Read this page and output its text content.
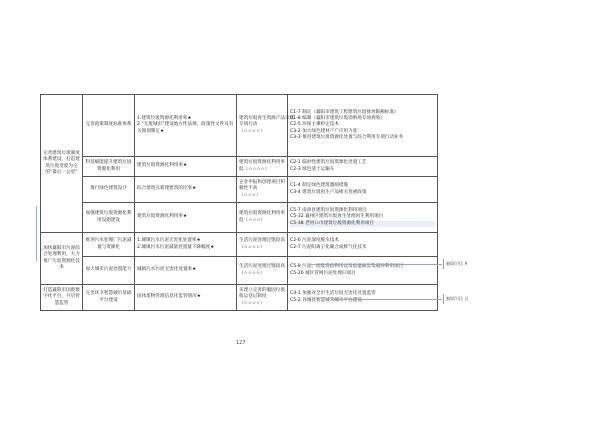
完善建筑垃圾制度体系建设，打造建筑垃圾变废为宝的“最后一公里”	完善政策制度标准体系	1.建筑垃圾资源化利用率★
2.“无废城市”建设地方性法规、政策性文件及有关规划制定★	建筑垃圾再生资源产品市场
专项行动
（☆☆☆☆）	C1-7 制定《襄阳市建筑工程建筑垃圾排放限额标准》
C1-8 编制《襄阳市建筑垃圾消纳场专项规划》
C2-5 环保主乘检定技术
C3-2 加大绿色建材产广应用力度
C3-3 推进建筑垃圾资源化处置与综合利用专项行动业务

	科技赋能提升建筑垃圾资源化利用	建筑垃圾资源化利用率★	建筑垃圾资源化利用率低（☆☆☆☆）	C2-1 临时性建筑垃圾资源化处置工艺
C2-3 绿色渣土运输车

	推行绿色建筑设计	综合建筑点新建建筑的比率★	企业申报和创建项目积极性不高
（☆☆☆）	C1-4 制定绿色建筑激励措施
C3-4 建筑垃圾再生产品相关优惠政策

	加强建筑垃圾资源化利用设施建设	建筑垃圾资源化利用率★	建筑垃圾资源化利用率低（☆☆☆）	C5-7 南漳县建筑垃圾资源化利用项目
C5-32 襄州区建筑垃圾再生处理再生利用项目
C5-38 老河口市建筑垃圾资源化利用项目

加快襄阳市污泥综合处理利用，大力推广污泥资源化技术	推进污水处理厂污泥减量与资源化	1.城镇污水污泥无害化处置率★
2.城镇污水污泥减量处置量下降幅度★	生活污泥处理过饱较高（☆☆☆☆）	C2-6 污泥深度脱水技术
C2-7 污泥阳离子化碳合成鲜气化技术

	加大城市污泥处置能力	城镇污水污泥无害化处置率★	生活污泥处理过饱较高（☆☆☆☆）	C5-8 污泥、固废烧结利用以及低值耐炭集循环利用项目
C5-26 城区管网污泥处理扫项目

打造襄阳市固废数字化平台，开启智慧监管	完善环卫智慧城市基础平台建设	固体废物管理信息化监管情况★	未建立完善的服固垃圾收运登记制度
（☆☆☆☆）	C4-1 加强对全市生活垃圾无害化处置监管
C5-2 谷城县智慧城管城市平台建设
删除[用]: 9
删除[用]: 区
127
